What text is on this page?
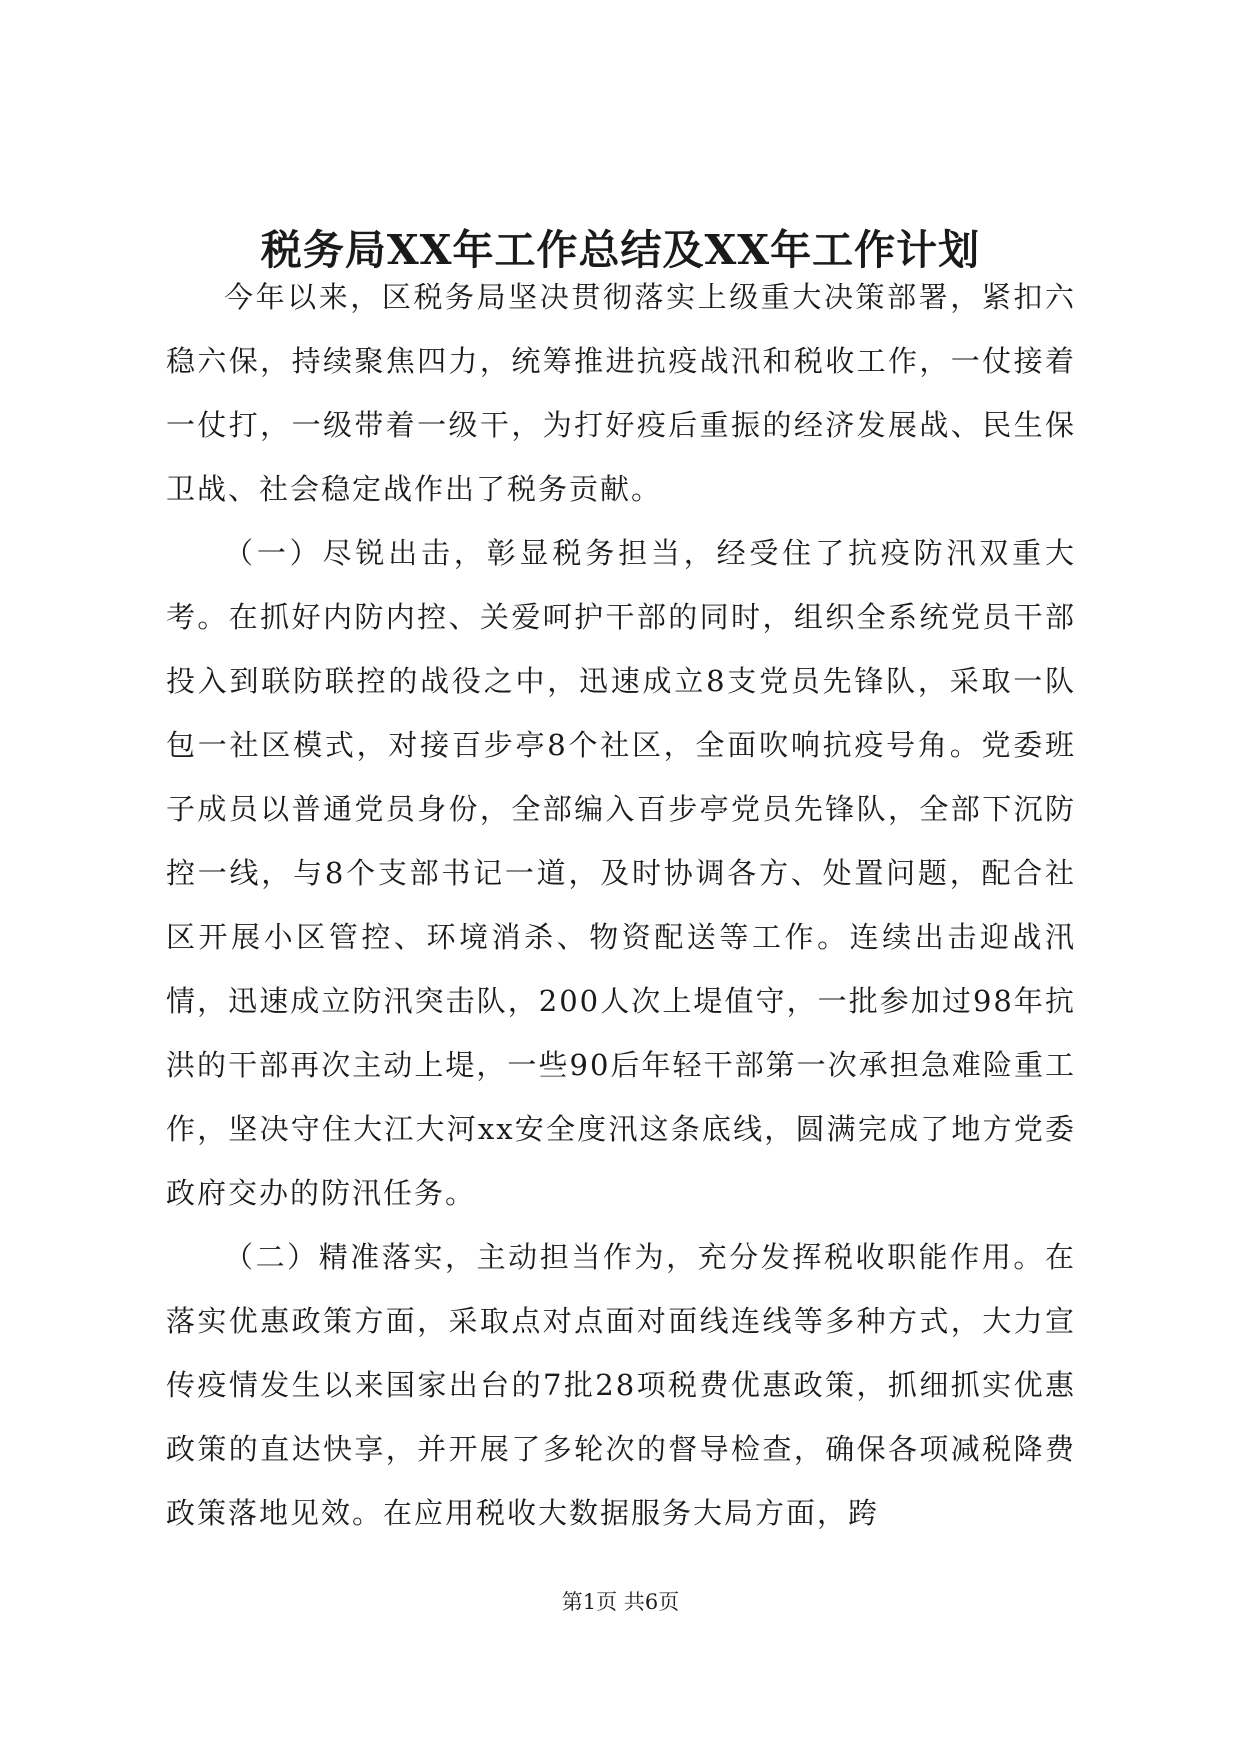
税务局XX年工作总结及XX年工作计划

今年以来，区税务局坚决贯彻落实上级重大决策部署，紧扣六稳六保，持续聚焦四力，统筹推进抗疫战汛和税收工作，一仗接着一仗打，一级带着一级干，为打好疫后重振的经济发展战、民生保卫战、社会稳定战作出了税务贡献。

（一）尽锐出击，彰显税务担当，经受住了抗疫防汛双重大考。在抓好内防内控、关爱呵护干部的同时，组织全系统党员干部投入到联防联控的战役之中，迅速成立8支党员先锋队，采取一队包一社区模式，对接百步亭8个社区，全面吹响抗疫号角。党委班子成员以普通党员身份，全部编入百步亭党员先锋队，全部下沉防控一线，与8个支部书记一道，及时协调各方、处置问题，配合社区开展小区管控、环境消杀、物资配送等工作。连续出击迎战汛情，迅速成立防汛突击队，200人次上堤值守，一批参加过98年抗洪的干部再次主动上堤，一些90后年轻干部第一次承担急难险重工作，坚决守住大江大河xx安全度汛这条底线，圆满完成了地方党委政府交办的防汛任务。

（二）精准落实，主动担当作为，充分发挥税收职能作用。在落实优惠政策方面，采取点对点面对面线连线等多种方式，大力宣传疫情发生以来国家出台的7批28项税费优惠政策，抓细抓实优惠政策的直达快享，并开展了多轮次的督导检查，确保各项减税降费政策落地见效。在应用税收大数据服务大局方面，跨

第1页 共6页
